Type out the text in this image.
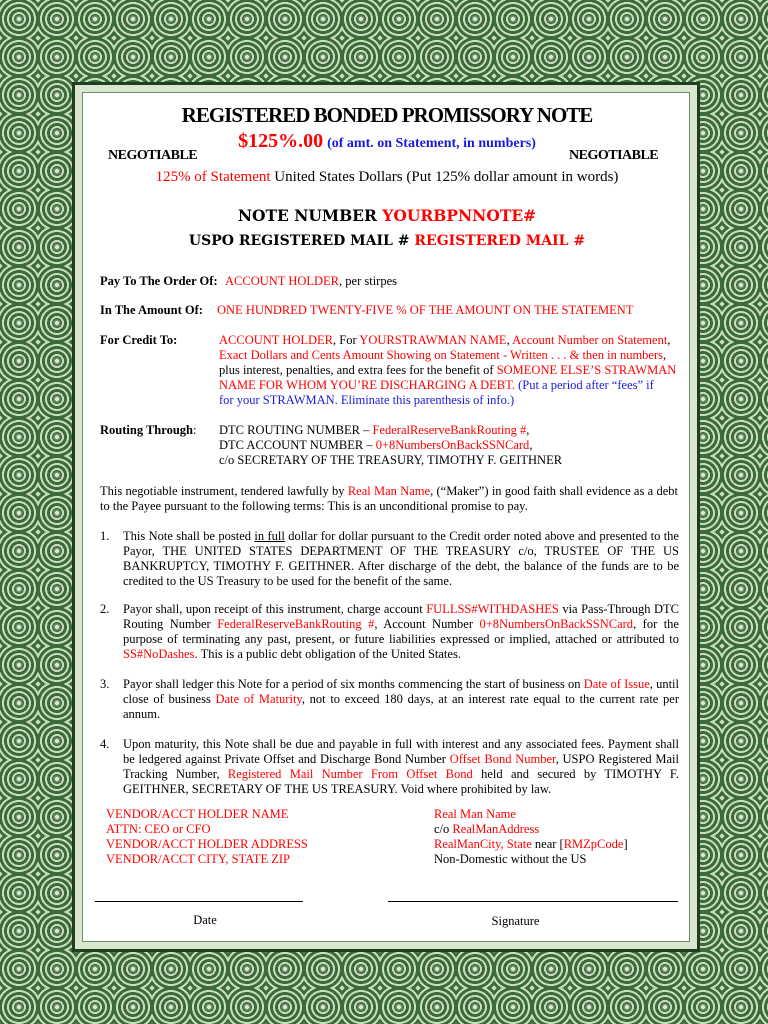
REGISTERED BONDED PROMISSORY NOTE
$125%.00 (of amt. on Statement, in numbers)
NEGOTIABLE	NEGOTIABLE
125% of Statement United States Dollars (Put 125% dollar amount in words)
NOTE NUMBER YOURBPNNOTE#
USPO REGISTERED MAIL # REGISTERED MAIL #
Pay To The Order Of: ACCOUNT HOLDER, per stirpes
In The Amount Of: ONE HUNDRED TWENTY-FIVE % OF THE AMOUNT ON THE STATEMENT
For Credit To:	ACCOUNT HOLDER, For YOURSTRAWMAN NAME, Account Number on Statement,
Exact Dollars and Cents Amount Showing on Statement - Written . . . & then in numbers,
plus interest, penalties, and extra fees for the benefit of SOMEONE ELSE’S STRAWMAN
NAME FOR WHOM YOU’RE DISCHARGING A DEBT. (Put a period after “fees” if
for your STRAWMAN. Eliminate this parenthesis of info.)
Routing Through: DTC ROUTING NUMBER – FederalReserveBankRouting #,
DTC ACCOUNT NUMBER – 0+8NumbersOnBackSSNCard,
c/o SECRETARY OF THE TREASURY, TIMOTHY F. GEITHNER
This negotiable instrument, tendered lawfully by Real Man Name, (“Maker”) in good faith shall evidence as a debt to the Payee pursuant to the following terms: This is an unconditional promise to pay.
1. This Note shall be posted in full dollar for dollar pursuant to the Credit order noted above and presented to the Payor, THE UNITED STATES DEPARTMENT OF THE TREASURY c/o, TRUSTEE OF THE US BANKRUPTCY, TIMOTHY F. GEITHNER. After discharge of the debt, the balance of the funds are to be credited to the US Treasury to be used for the benefit of the same.
2. Payor shall, upon receipt of this instrument, charge account FULLSS#WITHDASHES via Pass-Through DTC Routing Number FederalReserveBankRouting #, Account Number 0+8NumbersOnBackSSNCard, for the purpose of terminating any past, present, or future liabilities expressed or implied, attached or attributed to SS#NoDashes. This is a public debt obligation of the United States.
3. Payor shall ledger this Note for a period of six months commencing the start of business on Date of Issue, until close of business Date of Maturity, not to exceed 180 days, at an interest rate equal to the current rate per annum.
4. Upon maturity, this Note shall be due and payable in full with interest and any associated fees. Payment shall be ledgered against Private Offset and Discharge Bond Number Offset Bond Number, USPO Registered Mail Tracking Number, Registered Mail Number From Offset Bond held and secured by TIMOTHY F. GEITHNER, SECRETARY OF THE US TREASURY. Void where prohibited by law.
VENDOR/ACCT HOLDER NAME
ATTN: CEO or CFO
VENDOR/ACCT HOLDER ADDRESS
VENDOR/ACCT CITY, STATE ZIP
Real Man Name
c/o RealManAddress
RealManCity, State near [RMZpCode]
Non-Domestic without the US
Date	Signature
